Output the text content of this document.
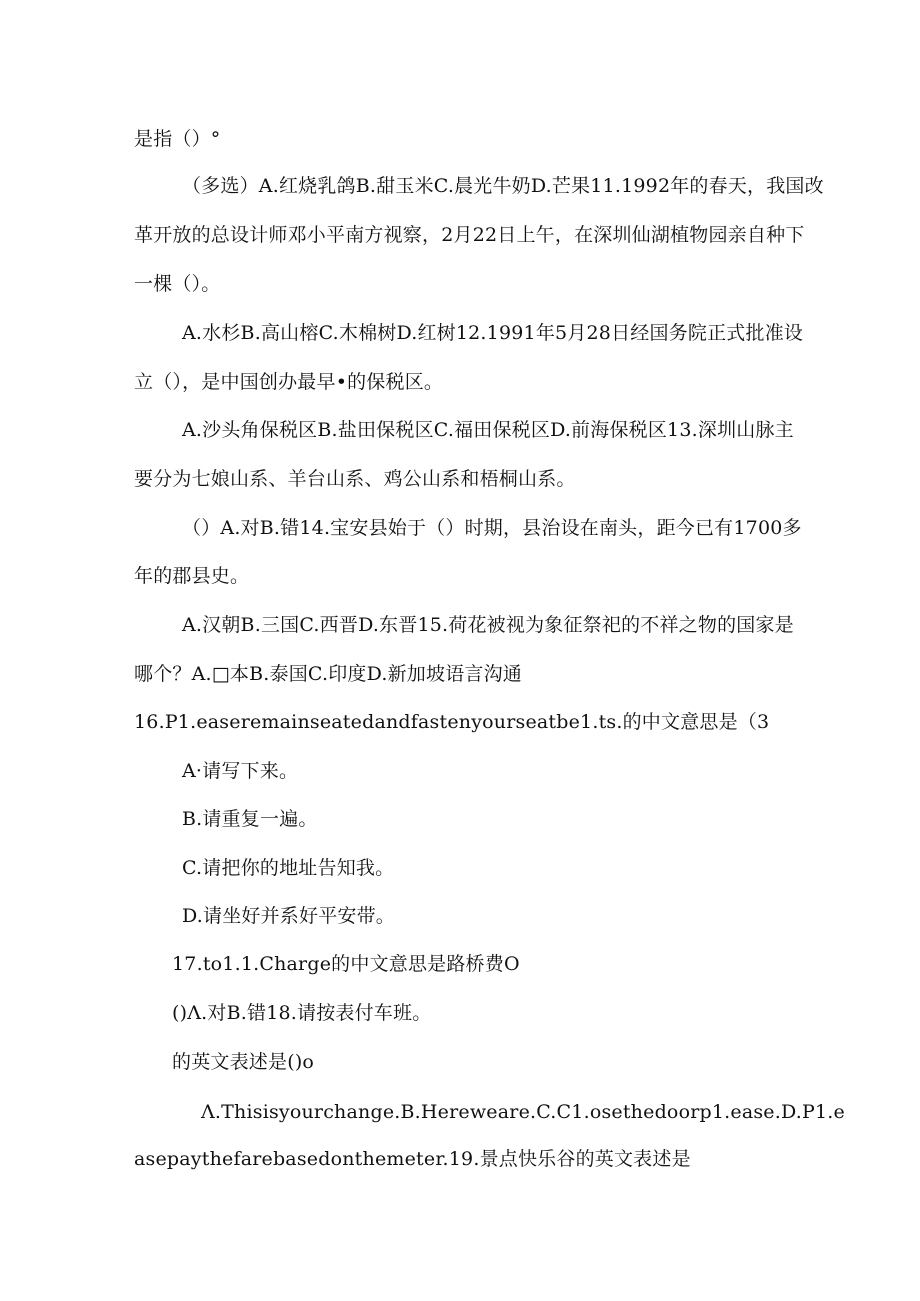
是指（）°
（多选）A.红烧乳鸽B.甜玉米C.晨光牛奶D.芒果11.1992年的春天，我国改
革开放的总设计师邓小平南方视察，2月22日上午，在深圳仙湖植物园亲自种下
一棵（）。
A.水杉B.高山榕C.木棉树D.红树12.1991年5月28日经国务院正式批准设
立（），是中国创办最早•的保税区。
A.沙头角保税区B.盐田保税区C.福田保税区D.前海保税区13.深圳山脉主
要分为七娘山系、羊台山系、鸡公山系和梧桐山系。
（）A.对B.错14.宝安县始于（）时期，县治设在南头，距今已有1700多
年的郡县史。
A.汉朝B.三国C.西晋D.东晋15.荷花被视为象征祭祀的不祥之物的国家是
哪个？A.□本B.泰国C.印度D.新加坡语言沟通
16.P1.easeremainseatedandfastenyourseatbe1.ts.的中文意思是（3
A·请写下来。
B.请重复一遍。
C.请把你的地址告知我。
D.请坐好并系好平安带。
17.to1.1.Charge的中文意思是路桥费O
()Λ.对B.错18.请按表付车班。
的英文表述是()o
Λ.Thisisyourchange.B.Hereweare.C.C1.osethedoorp1.ease.D.P1.e
asepaythefarebasedonthemeter.19.景点快乐谷的英文表述是
